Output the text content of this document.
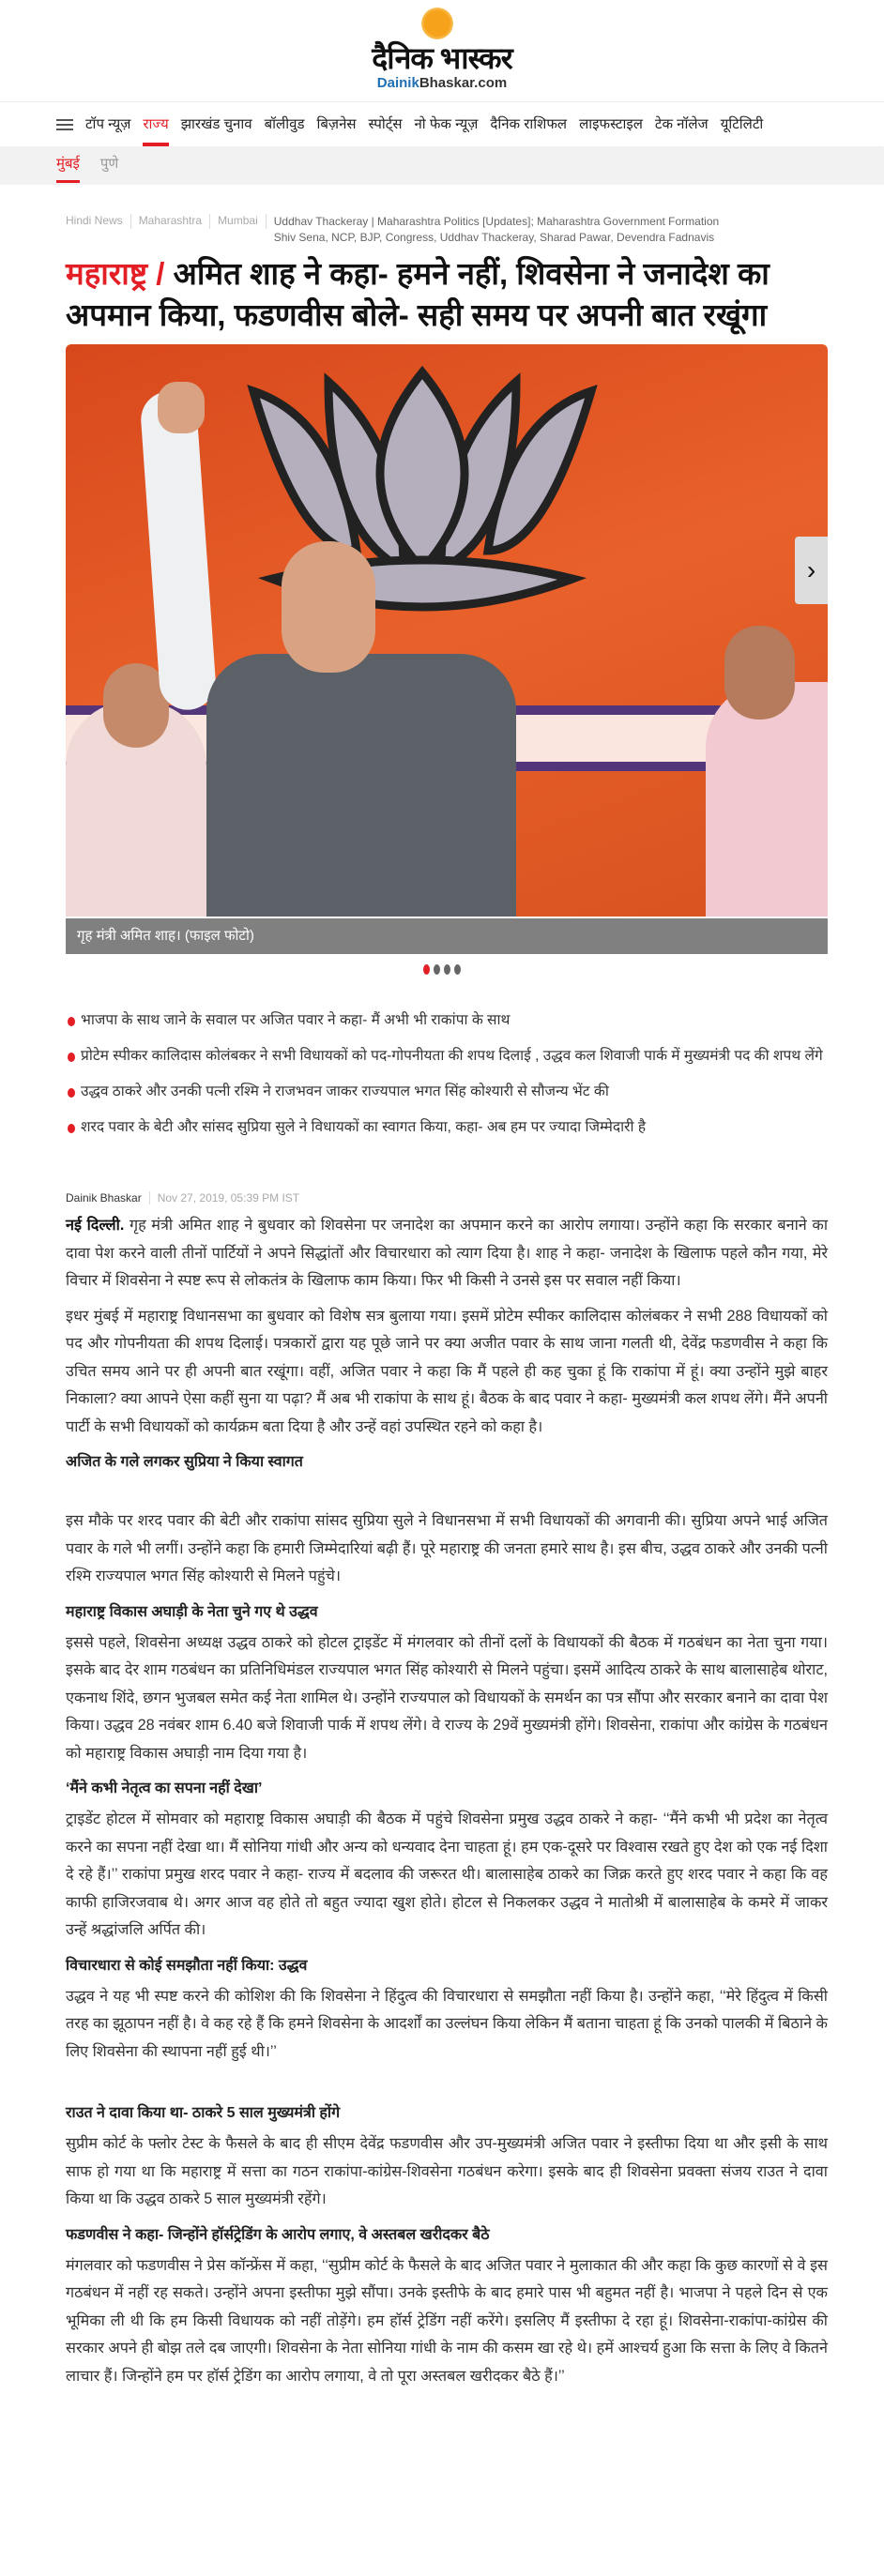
दैनिक भास्कर
DainikBhaskar.com
टॉप न्यूज़ राज्य झारखंड चुनाव बॉलीवुड बिज़नेस स्पोर्ट्स नो फेक न्यूज़ दैनिक राशिफल लाइफस्टाइल टेक नॉलेज यूटिलिटी
मुंबई पुणे
Hindi News	Maharashtra	Mumbai	Uddhav Thackeray | Maharashtra Politics [Updates]; Maharashtra Government Formation Shiv Sena, NCP, BJP, Congress, Uddhav Thackeray, Sharad Pawar, Devendra Fadnavis
महाराष्ट्र / अमित शाह ने कहा- हमने नहीं, शिवसेना ने जनादेश का अपमान किया, फडणवीस बोले- सही समय पर अपनी बात रखूंगा
›
गृह मंत्री अमित शाह। (फाइल फोटो)
भाजपा के साथ जाने के सवाल पर अजित पवार ने कहा- मैं अभी भी राकांपा के साथ
प्रोटेम स्पीकर कालिदास कोलंबकर ने सभी विधायकों को पद-गोपनीयता की शपथ दिलाई , उद्धव कल शिवाजी पार्क में मुख्यमंत्री पद की शपथ लेंगे
उद्धव ठाकरे और उनकी पत्नी रश्मि ने राजभवन जाकर राज्यपाल भगत सिंह कोश्यारी से सौजन्य भेंट की
शरद पवार के बेटी और सांसद सुप्रिया सुले ने विधायकों का स्वागत किया, कहा- अब हम पर ज्यादा जिम्मेदारी है
Dainik Bhaskar	Nov 27, 2019, 05:39 PM IST

नई दिल्ली. गृह मंत्री अमित शाह ने बुधवार को शिवसेना पर जनादेश का अपमान करने का आरोप लगाया। उन्होंने कहा कि सरकार बनाने का दावा पेश करने वाली तीनों पार्टियों ने अपने सिद्धांतों और विचारधारा को त्याग दिया है। शाह ने कहा- जनादेश के खिलाफ पहले कौन गया, मेरे विचार में शिवसेना ने स्पष्ट रूप से लोकतंत्र के खिलाफ काम किया। फिर भी किसी ने उनसे इस पर सवाल नहीं किया।

इधर मुंबई में महाराष्ट्र विधानसभा का बुधवार को विशेष सत्र बुलाया गया। इसमें प्रोटेम स्पीकर कालिदास कोलंबकर ने सभी 288 विधायकों को पद और गोपनीयता की शपथ दिलाई। पत्रकारों द्वारा यह पूछे जाने पर क्या अजीत पवार के साथ जाना गलती थी, देवेंद्र फडणवीस ने कहा कि उचित समय आने पर ही अपनी बात रखूंगा। वहीं, अजित पवार ने कहा कि मैं पहले ही कह चुका हूं कि राकांपा में हूं। क्या उन्होंने मुझे बाहर निकाला? क्या आपने ऐसा कहीं सुना या पढ़ा? मैं अब भी राकांपा के साथ हूं। बैठक के बाद पवार ने कहा- मुख्यमंत्री कल शपथ लेंगे। मैंने अपनी पार्टी के सभी विधायकों को कार्यक्रम बता दिया है और उन्हें वहां उपस्थित रहने को कहा है।

अजित के गले लगकर सुप्रिया ने किया स्वागत

इस मौके पर शरद पवार की बेटी और राकांपा सांसद सुप्रिया सुले ने विधानसभा में सभी विधायकों की अगवानी की। सुप्रिया अपने भाई अजित पवार के गले भी लगीं। उन्होंने कहा कि हमारी जिम्मेदारियां बढ़ी हैं। पूरे महाराष्ट्र की जनता हमारे साथ है। इस बीच, उद्धव ठाकरे और उनकी पत्नी रश्मि राज्यपाल भगत सिंह कोश्यारी से मिलने पहुंचे।

महाराष्ट्र विकास अघाड़ी के नेता चुने गए थे उद्धव

इससे पहले, शिवसेना अध्यक्ष उद्धव ठाकरे को होटल ट्राइडेंट में मंगलवार को तीनों दलों के विधायकों की बैठक में गठबंधन का नेता चुना गया। इसके बाद देर शाम गठबंधन का प्रतिनिधिमंडल राज्यपाल भगत सिंह कोश्यारी से मिलने पहुंचा। इसमें आदित्य ठाकरे के साथ बालासाहेब थोराट, एकनाथ शिंदे, छगन भुजबल समेत कई नेता शामिल थे। उन्होंने राज्यपाल को विधायकों के समर्थन का पत्र सौंपा और सरकार बनाने का दावा पेश किया। उद्धव 28 नवंबर शाम 6.40 बजे शिवाजी पार्क में शपथ लेंगे। वे राज्य के 29वें मुख्यमंत्री होंगे। शिवसेना, राकांपा और कांग्रेस के गठबंधन को महाराष्ट्र विकास अघाड़ी नाम दिया गया है।

‘मैंने कभी नेतृत्व का सपना नहीं देखा’

ट्राइडेंट होटल में सोमवार को महाराष्ट्र विकास अघाड़ी की बैठक में पहुंचे शिवसेना प्रमुख उद्धव ठाकरे ने कहा- ‘‘मैंने कभी भी प्रदेश का नेतृत्व करने का सपना नहीं देखा था। मैं सोनिया गांधी और अन्य को धन्यवाद देना चाहता हूं। हम एक-दूसरे पर विश्वास रखते हुए देश को एक नई दिशा दे रहे हैं।’’ राकांपा प्रमुख शरद पवार ने कहा- राज्य में बदलाव की जरूरत थी। बालासाहेब ठाकरे का जिक्र करते हुए शरद पवार ने कहा कि वह काफी हाजिरजवाब थे। अगर आज वह होते तो बहुत ज्यादा खुश होते। होटल से निकलकर उद्धव ने मातोश्री में बालासाहेब के कमरे में जाकर उन्हें श्रद्धांजलि अर्पित की।

विचारधारा से कोई समझौता नहीं किया: उद्धव

उद्धव ने यह भी स्पष्ट करने की कोशिश की कि शिवसेना ने हिंदुत्व की विचारधारा से समझौता नहीं किया है। उन्होंने कहा, ‘‘मेरे हिंदुत्व में किसी तरह का झूठापन नहीं है। वे कह रहे हैं कि हमने शिवसेना के आदर्शों का उल्लंघन किया लेकिन मैं बताना चाहता हूं कि उनको पालकी में बिठाने के लिए शिवसेना की स्थापना नहीं हुई थी।’’

राउत ने दावा किया था- ठाकरे 5 साल मुख्यमंत्री होंगे

सुप्रीम कोर्ट के फ्लोर टेस्ट के फैसले के बाद ही सीएम देवेंद्र फडणवीस और उप-मुख्यमंत्री अजित पवार ने इस्तीफा दिया था और इसी के साथ साफ हो गया था कि महाराष्ट्र में सत्ता का गठन राकांपा-कांग्रेस-शिवसेना गठबंधन करेगा। इसके बाद ही शिवसेना प्रवक्ता संजय राउत ने दावा किया था कि उद्धव ठाकरे 5 साल मुख्यमंत्री रहेंगे।

फडणवीस ने कहा- जिन्होंने हॉर्सट्रेडिंग के आरोप लगाए, वे अस्तबल खरीदकर बैठे

मंगलवार को फडणवीस ने प्रेस कॉन्फ्रेंस में कहा, ‘‘सुप्रीम कोर्ट के फैसले के बाद अजित पवार ने मुलाकात की और कहा कि कुछ कारणों से वे इस गठबंधन में नहीं रह सकते। उन्होंने अपना इस्तीफा मुझे सौंपा। उनके इस्तीफे के बाद हमारे पास भी बहुमत नहीं है। भाजपा ने पहले दिन से एक भूमिका ली थी कि हम किसी विधायक को नहीं तोड़ेंगे। हम हॉर्स ट्रेडिंग नहीं करेंगे। इसलिए मैं इस्तीफा दे रहा हूं। शिवसेना-राकांपा-कांग्रेस की सरकार अपने ही बोझ तले दब जाएगी। शिवसेना के नेता सोनिया गांधी के नाम की कसम खा रहे थे। हमें आश्चर्य हुआ कि सत्ता के लिए वे कितने लाचार हैं। जिन्होंने हम पर हॉर्स ट्रेडिंग का आरोप लगाया, वे तो पूरा अस्तबल खरीदकर बैठे हैं।’’
